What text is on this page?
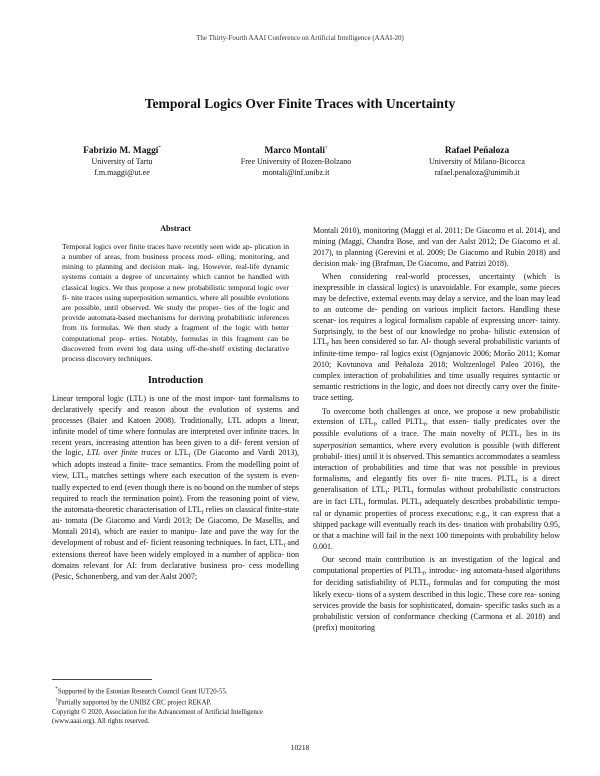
The Thirty-Fourth AAAI Conference on Artificial Intelligence (AAAI-20)
Temporal Logics Over Finite Traces with Uncertainty
Fabrizio M. Maggi*
University of Tartu
f.m.maggi@ut.ee
Marco Montali†
Free University of Bozen-Bolzano
montali@inf.unibz.it
Rafael Peñaloza
University of Milano-Bicocca
rafael.penaloza@unimib.it
Abstract
Temporal logics over finite traces have recently seen wide ap- plication in a number of areas, from business process mod- elling, monitoring, and mining to planning and decision mak- ing. However, real-life dynamic systems contain a degree of uncertainty which cannot be handled with classical logics. We thus propose a new probabilistic temporal logic over fi- nite traces using superposition semantics, where all possible evolutions are possible, until observed. We study the proper- ties of the logic and provide automata-based mechanisms for deriving probabilistic inferences from its formulas. We then study a fragment of the logic with better computational prop- erties. Notably, formulas in this fragment can be discovered from event log data using off-the-shelf existing declarative process discovery techniques.
Introduction

Linear temporal logic (LTL) is one of the most impor- tant formalisms to declaratively specify and reason about the evolution of systems and processes (Baier and Katoen 2008). Traditionally, LTL adopts a linear, infinite model of time where formulas are interpreted over infinite traces. In recent years, increasing attention has been given to a dif- ferent version of the logic, LTL over finite traces or $LTL_f$ (De Giacomo and Vardi 2013), which adopts instead a finite- trace semantics. From the modelling point of view, $LTL_f$ matches settings where each execution of the system is even- tually expected to end (even though there is no bound on the number of steps required to reach the termination point). From the reasoning point of view, the automata-theoretic characterisation of $LTL_f$ relies on classical finite-state au- tomata (De Giacomo and Vardi 2013; De Giacomo, De Masellis, and Montali 2014), which are easier to manipu- late and pave the way for the development of robust and ef- ficient reasoning techniques. In fact, $LTL_f$ and extensions thereof have been widely employed in a number of applica- tion domains relevant for AI: from declarative business pro- cess modelling (Pesic, Schonenberg, and van der Aalst 2007;

*Supported by the Estonian Research Council Grant IUT20-55.
†Partially supported by the UNIBZ CRC project REKAP.
Copyright © 2020, Association for the Advancement of Artificial Intelligence (www.aaai.org). All rights reserved.

Montali 2010), monitoring (Maggi et al. 2011; De Giacomo et al. 2014), and mining (Maggi, Chandra Bose, and van der Aalst 2012; De Giacomo et al. 2017), to planning (Gerevini et al. 2009; De Giacomo and Rubin 2018) and decision mak- ing (Brafman, De Giacomo, and Patrizi 2018).

When considering real-world processes, uncertainty (which is inexpressible in classical logics) is unavoidable. For example, some pieces may be defective, external events may delay a service, and the loan may lead to an outcome de- pending on various implicit factors. Handling these scenar- ios requires a logical formalism capable of expressing uncer- tainty. Surprisingly, to the best of our knowledge no proba- bilistic extension of $LTL_f$ has been considered so far. Al- though several probabilistic variants of infinite-time tempo- ral logics exist (Ognjanovic 2006; Morão 2011; Komar 2010; Kovtunova and Peñaloza 2018; Woltzenlogel Paleo 2016), the complex interaction of probabilities and time usually requires syntactic or semantic restrictions in the logic, and does not directly carry over the finite-trace setting.

To overcome both challenges at once, we propose a new probabilistic extension of $LTL_f$, called $PLTL_f$, that essen- tially predicates over the possible evolutions of a trace. The main novelty of $PLTL_f$ lies in its superposition semantics, where every evolution is possible (with different probabil- ities) until it is observed. This semantics accommodates a seamless interaction of probabilities and time that was not possible in previous formalisms, and elegantly fits over fi- nite traces. $PLTL_f$ is a direct generalisation of $LTL_f$: $PLTL_f$ formulas without probabilistic constructors are in fact $LTL_f$ formulas. $PLTL_f$ adequately describes probabilistic tempo- ral or dynamic properties of process executions; e.g., it can express that a shipped package will eventually reach its des- tination with probability 0.95, or that a machine will fail in the next 100 timepoints with probability below 0.001.

Our second main contribution is an investigation of the logical and computational properties of $PLTL_f$, introduc- ing automata-based algorithms for deciding satisfiability of $PLTL_f$ formulas and for computing the most likely execu- tions of a system described in this logic. These core rea- soning services provide the basis for sophisticated, domain- specific tasks such as a probabilistic version of conformance checking (Carmona et al. 2018) and (prefix) monitoring

10218
